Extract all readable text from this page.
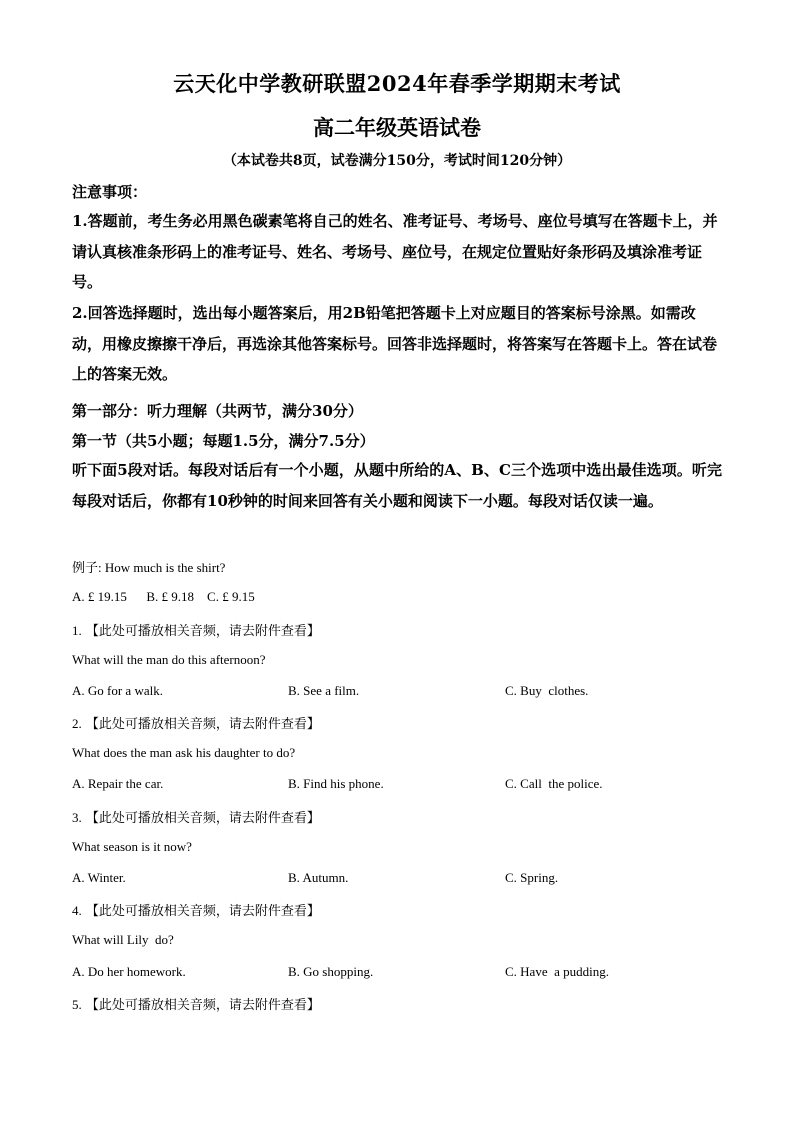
云天化中学教研联盟2024年春季学期期末考试
高二年级英语试卷
（本试卷共8页，试卷满分150分，考试时间120分钟）
注意事项：
1.答题前，考生务必用黑色碳素笔将自己的姓名、准考证号、考场号、座位号填写在答题卡上，并请认真核准条形码上的准考证号、姓名、考场号、座位号，在规定位置贴好条形码及填涂准考证号。
2.回答选择题时，选出每小题答案后，用2B铅笔把答题卡上对应题目的答案标号涂黑。如需改动，用橡皮擦擦干净后，再选涂其他答案标号。回答非选择题时，将答案写在答题卡上。答在试卷上的答案无效。
第一部分：听力理解（共两节，满分30分）
第一节（共5小题；每题1.5分，满分7.5分）
听下面5段对话。每段对话后有一个小题，从题中所给的A、B、C三个选项中选出最佳选项。听完每段对话后，你都有10秒钟的时间来回答有关小题和阅读下一小题。每段对话仅读一遍。
例子: How much is the shirt?
A. £ 19.15      B. £ 9.18    C. £ 9.15
1. 【此处可播放相关音频，请去附件查看】
What will the man do this afternoon?
A. Go for a walk.	B. See a film.	C. Buy  clothes.
2. 【此处可播放相关音频，请去附件查看】
What does the man ask his daughter to do?
A. Repair the car.	B. Find his phone.	C. Call  the police.
3. 【此处可播放相关音频，请去附件查看】
What season is it now?
A. Winter.	B. Autumn.	C. Spring.
4. 【此处可播放相关音频，请去附件查看】
What will Lily  do?
A. Do her homework.	B. Go shopping.	C. Have  a pudding.
5. 【此处可播放相关音频，请去附件查看】
